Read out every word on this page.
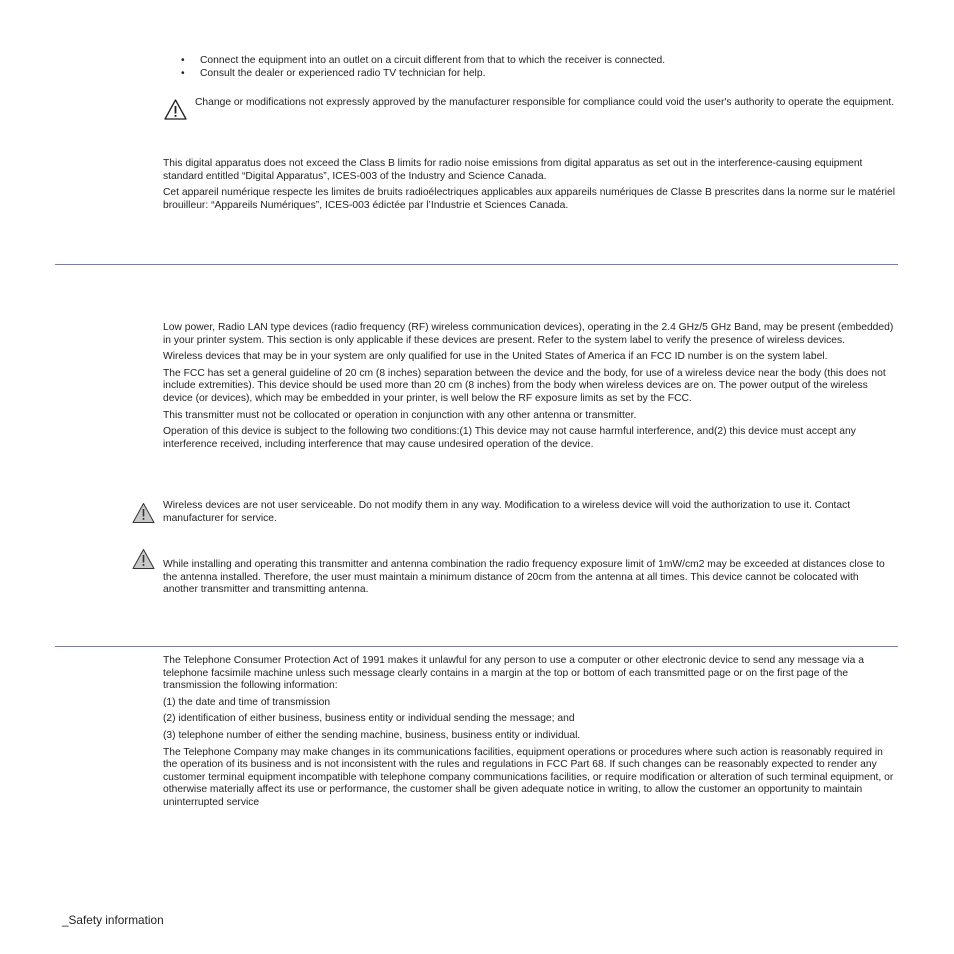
• Connect the equipment into an outlet on a circuit different from that to which the receiver is connected.
• Consult the dealer or experienced radio TV technician for help.

Change or modifications not expressly approved by the manufacturer responsible for compliance could void the user's authority to operate the equipment.

This digital apparatus does not exceed the Class B limits for radio noise emissions from digital apparatus as set out in the interference-causing equipment standard entitled “Digital Apparatus”, ICES-003 of the Industry and Science Canada.

Cet appareil numérique respecte les limites de bruits radioélectriques applicables aux appareils numériques de Classe B prescrites dans la norme sur le matériel brouilleur: “Appareils Numériques”, ICES-003 édictée par l’Industrie et Sciences Canada.

Low power, Radio LAN type devices (radio frequency (RF) wireless communication devices), operating in the 2.4 GHz/5 GHz Band, may be present (embedded) in your printer system. This section is only applicable if these devices are present. Refer to the system label to verify the presence of wireless devices.

Wireless devices that may be in your system are only qualified for use in the United States of America if an FCC ID number is on the system label.

The FCC has set a general guideline of 20 cm (8 inches) separation between the device and the body, for use of a wireless device near the body (this does not include extremities). This device should be used more than 20 cm (8 inches) from the body when wireless devices are on. The power output of the wireless device (or devices), which may be embedded in your printer, is well below the RF exposure limits as set by the FCC.

This transmitter must not be collocated or operation in conjunction with any other antenna or transmitter.

Operation of this device is subject to the following two conditions:(1) This device may not cause harmful interference, and(2) this device must accept any interference received, including interference that may cause undesired operation of the device.

Wireless devices are not user serviceable. Do not modify them in any way. Modification to a wireless device will void the authorization to use it. Contact manufacturer for service.

While installing and operating this transmitter and antenna combination the radio frequency exposure limit of 1mW/cm2 may be exceeded at distances close to the antenna installed. Therefore, the user must maintain a minimum distance of 20cm from the antenna at all times. This device cannot be colocated with another transmitter and transmitting antenna.

The Telephone Consumer Protection Act of 1991 makes it unlawful for any person to use a computer or other electronic device to send any message via a telephone facsimile machine unless such message clearly contains in a margin at the top or bottom of each transmitted page or on the first page of the transmission the following information:

(1) the date and time of transmission

(2) identification of either business, business entity or individual sending the message; and

(3) telephone number of either the sending machine, business, business entity or individual.

The Telephone Company may make changes in its communications facilities, equipment operations or procedures where such action is reasonably required in the operation of its business and is not inconsistent with the rules and regulations in FCC Part 68. If such changes can be reasonably expected to render any customer terminal equipment incompatible with telephone company communications facilities, or require modification or alteration of such terminal equipment, or otherwise materially affect its use or performance, the customer shall be given adequate notice in writing, to allow the customer an opportunity to maintain uninterrupted service

_Safety information
